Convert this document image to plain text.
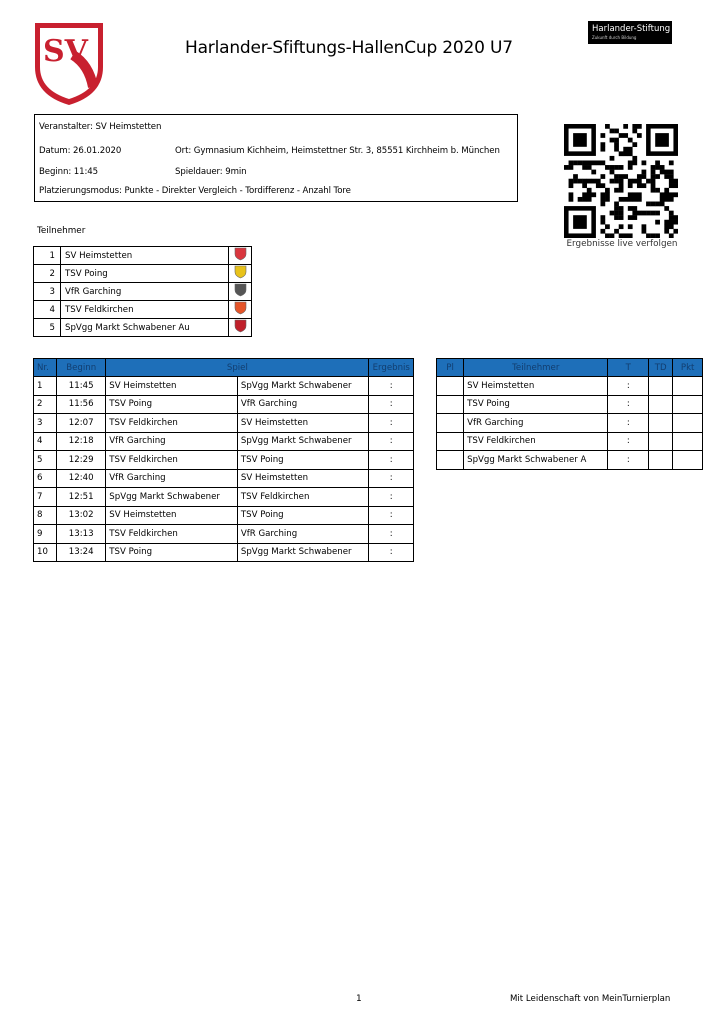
SV	Harlander-Sfiftungs-HallenCup 2020 U7
Harlander-Stiftung
Zukunft durch Bildung
Veranstalter: SV Heimstetten
Datum: 26.01.2020	Ort: Gymnasium Kichheim, Heimstettner Str. 3, 85551 Kirchheim b. München
Beginn: 11:45	Spieldauer: 9min
Platzierungsmodus: Punkte - Direkter Vergleich - Tordifferenz - Anzahl Tore
Ergebnisse live verfolgen
Teilnehmer
1	SV Heimstetten	
2	TSV Poing	
3	VfR Garching	
4	TSV Feldkirchen	
5	SpVgg Markt Schwabener Au	
Nr.	Beginn	Spiel		Ergebnis
1	11:45	SV Heimstetten	SpVgg Markt Schwabener	:
2	11:56	TSV Poing	VfR Garching	:
3	12:07	TSV Feldkirchen	SV Heimstetten	:
4	12:18	VfR Garching	SpVgg Markt Schwabener	:
5	12:29	TSV Feldkirchen	TSV Poing	:
6	12:40	VfR Garching	SV Heimstetten	:
7	12:51	SpVgg Markt Schwabener	TSV Feldkirchen	:
8	13:02	SV Heimstetten	TSV Poing	:
9	13:13	TSV Feldkirchen	VfR Garching	:
10	13:24	TSV Poing	SpVgg Markt Schwabener	:
Pl	Teilnehmer	T	TD	Pkt
	SV Heimstetten	:		
	TSV Poing	:		
	VfR Garching	:		
	TSV Feldkirchen	:		
	SpVgg Markt Schwabener A	:		
1	Mit Leidenschaft von MeinTurnierplan
